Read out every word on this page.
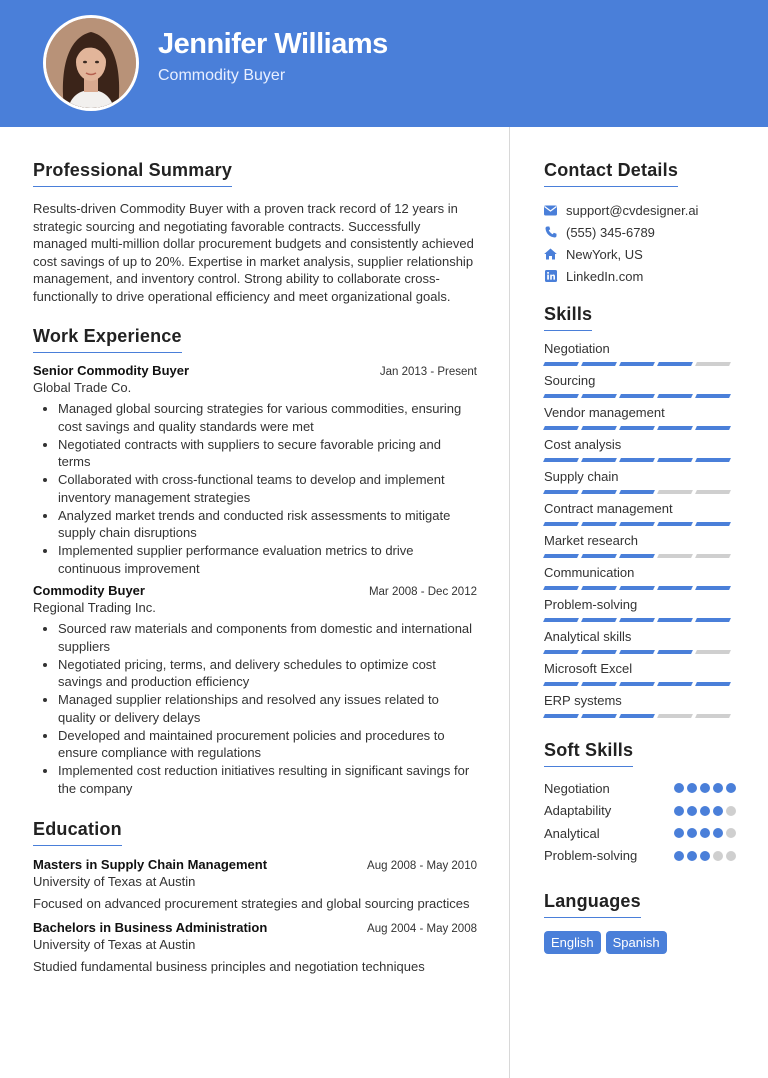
Jennifer Williams
Commodity Buyer
Professional Summary

Results-driven Commodity Buyer with a proven track record of 12 years in strategic sourcing and negotiating favorable contracts. Successfully managed multi-million dollar procurement budgets and consistently achieved cost savings of up to 20%. Expertise in market analysis, supplier relationship management, and inventory control. Strong ability to collaborate cross-functionally to drive operational efficiency and meet organizational goals.

Work Experience
Senior Commodity Buyer	Jan 2013 - Present
Global Trade Co.
• Managed global sourcing strategies for various commodities, ensuring cost savings and quality standards were met
• Negotiated contracts with suppliers to secure favorable pricing and terms
• Collaborated with cross-functional teams to develop and implement inventory management strategies
• Analyzed market trends and conducted risk assessments to mitigate supply chain disruptions
• Implemented supplier performance evaluation metrics to drive continuous improvement
Commodity Buyer	Mar 2008 - Dec 2012
Regional Trading Inc.
• Sourced raw materials and components from domestic and international suppliers
• Negotiated pricing, terms, and delivery schedules to optimize cost savings and production efficiency
• Managed supplier relationships and resolved any issues related to quality or delivery delays
• Developed and maintained procurement policies and procedures to ensure compliance with regulations
• Implemented cost reduction initiatives resulting in significant savings for the company
Education
Masters in Supply Chain Management	Aug 2008 - May 2010
University of Texas at Austin

Focused on advanced procurement strategies and global sourcing practices

Bachelors in Business Administration	Aug 2004 - May 2008
University of Texas at Austin

Studied fundamental business principles and negotiation techniques

Contact Details
support@cvdesigner.ai
(555) 345-6789
NewYork, US
LinkedIn.com
Skills
Negotiation
Sourcing
Vendor management
Cost analysis
Supply chain
Contract management
Market research
Communication
Problem-solving
Analytical skills
Microsoft Excel
ERP systems
Soft Skills
Negotiation
Adaptability
Analytical
Problem-solving
Languages
English	Spanish
